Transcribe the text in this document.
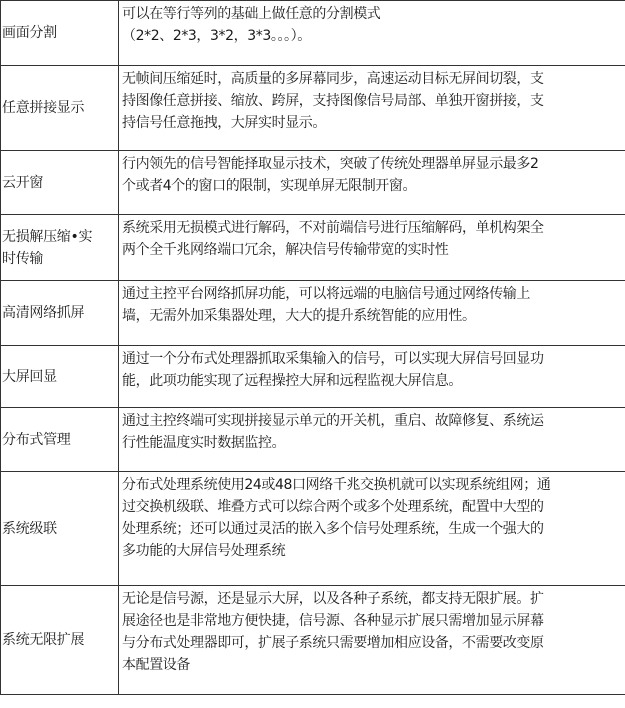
画面分割	可以在等行等列的基础上做任意的分割模式
（2*2、2*3，3*2，3*3。。。）。

任意拼接显示	无帧间压缩延时，高质量的多屏幕同步，高速运动目标无屏间切裂，支
持图像任意拼接、缩放、跨屏，支持图像信号局部、单独开窗拼接，支
持信号任意拖拽，大屏实时显示。

云开窗	行内领先的信号智能择取显示技术，突破了传统处理器单屏显示最多2
个或者4个的窗口的限制，实现单屏无限制开窗。

无损解压缩•实
时传输	系统采用无损模式进行解码，不对前端信号进行压缩解码，单机构架全
两个全千兆网络端口冗余，解决信号传输带宽的实时性

高清网络抓屏	通过主控平台网络抓屏功能，可以将远端的电脑信号通过网络传输上
墙，无需外加采集器处理，大大的提升系统智能的应用性。

大屏回显	通过一个分布式处理器抓取采集输入的信号，可以实现大屏信号回显功
能，此项功能实现了远程操控大屏和远程监视大屏信息。

分布式管理	通过主控终端可实现拼接显示单元的开关机，重启、故障修复、系统运
行性能温度实时数据监控。

系统级联	分布式处理系统使用24或48口网络千兆交换机就可以实现系统组网；通
过交换机级联、堆叠方式可以综合两个或多个处理系统，配置中大型的
处理系统；还可以通过灵活的嵌入多个信号处理系统，生成一个强大的
多功能的大屏信号处理系统

系统无限扩展	无论是信号源，还是显示大屏，以及各种子系统，都支持无限扩展。扩
展途径也是非常地方便快捷，信号源、各种显示扩展只需增加显示屏幕
与分布式处理器即可，扩展子系统只需要增加相应设备，不需要改变原
本配置设备
